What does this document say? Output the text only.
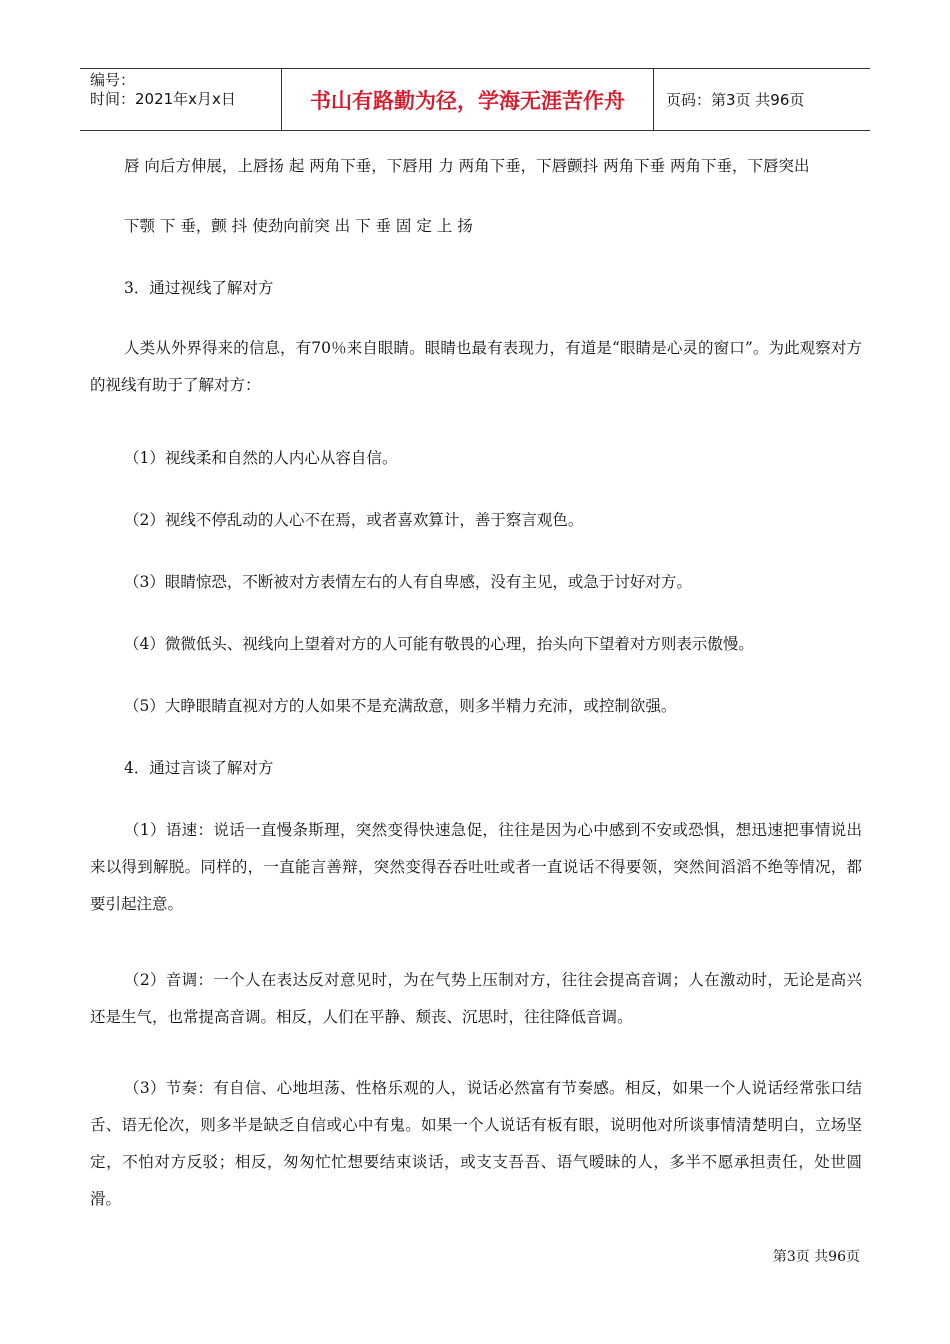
编号：
时间：2021年x月x日	书山有路勤为径，学海无涯苦作舟	页码：第3页 共96页
唇 向后方伸展，上唇扬 起 两角下垂，下唇用 力 两角下垂，下唇颤抖 两角下垂 两角下垂，下唇突出
下颚 下 垂，颤 抖 使劲向前突 出 下 垂 固 定 上 扬
3．通过视线了解对方
人类从外界得来的信息，有70％来自眼睛。眼睛也最有表现力，有道是“眼睛是心灵的窗口”。为此观察对方的视线有助于了解对方：
（1）视线柔和自然的人内心从容自信。
（2）视线不停乱动的人心不在焉，或者喜欢算计，善于察言观色。
（3）眼睛惊恐，不断被对方表情左右的人有自卑感，没有主见，或急于讨好对方。
（4）微微低头、视线向上望着对方的人可能有敬畏的心理，抬头向下望着对方则表示傲慢。
（5）大睁眼睛直视对方的人如果不是充满敌意，则多半精力充沛，或控制欲强。
4．通过言谈了解对方
（1）语速：说话一直慢条斯理，突然变得快速急促，往往是因为心中感到不安或恐惧，想迅速把事情说出来以得到解脱。同样的，一直能言善辩，突然变得吞吞吐吐或者一直说话不得要领，突然间滔滔不绝等情况，都要引起注意。
（2）音调：一个人在表达反对意见时，为在气势上压制对方，往往会提高音调；人在激动时，无论是高兴还是生气，也常提高音调。相反，人们在平静、颓丧、沉思时，往往降低音调。
（3）节奏：有自信、心地坦荡、性格乐观的人，说话必然富有节奏感。相反，如果一个人说话经常张口结舌、语无伦次，则多半是缺乏自信或心中有鬼。如果一个人说话有板有眼，说明他对所谈事情清楚明白，立场坚定，不怕对方反驳；相反，匆匆忙忙想要结束谈话，或支支吾吾、语气暧昧的人，多半不愿承担责任，处世圆滑。
第3页 共96页
